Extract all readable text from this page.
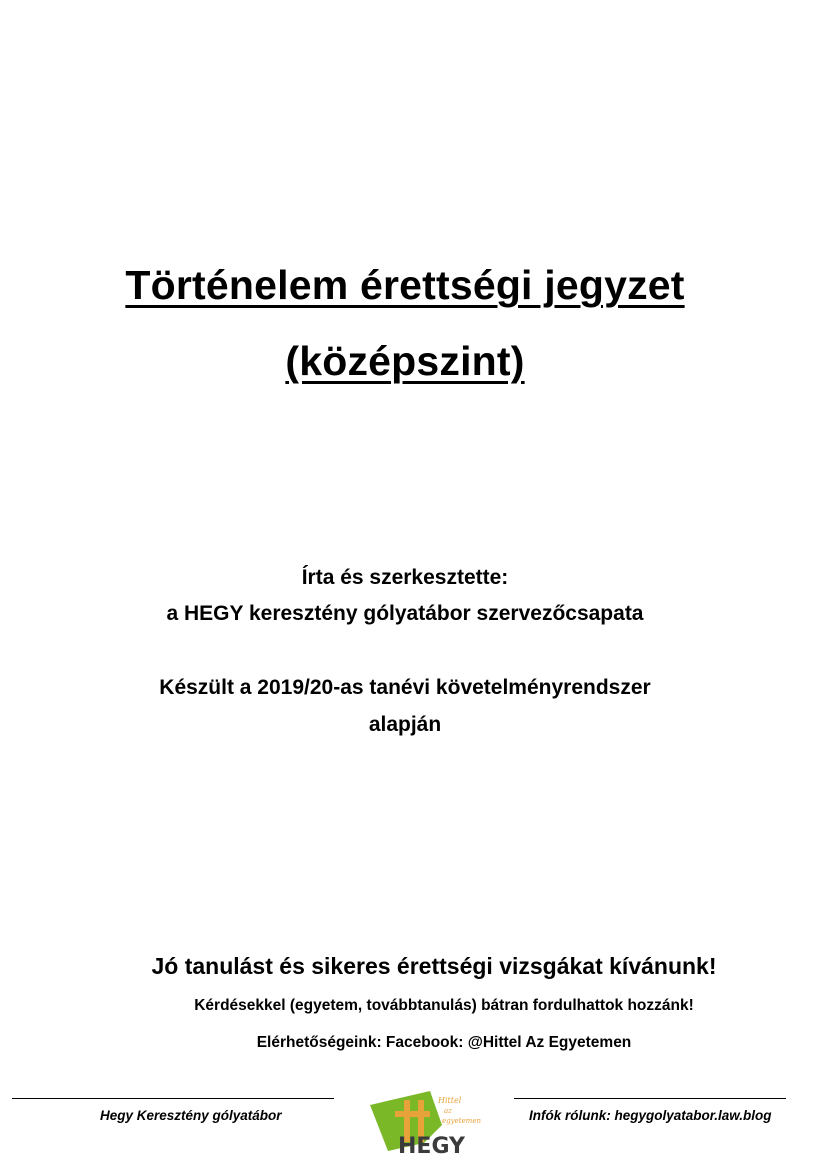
Történelem érettségi jegyzet
(középszint)
Írta és szerkesztette:
a HEGY keresztény gólyatábor szervezőcsapata
Készült a 2019/20-as tanévi követelményrendszer
alapján
Jó tanulást és sikeres érettségi vizsgákat kívánunk!
Kérdésekkel (egyetem, továbbtanulás) bátran fordulhattok hozzánk!
Elérhetőségeink: Facebook: @Hittel Az Egyetemen
Hegy Keresztény gólyatábor	Infók rólunk: hegygolyatabor.law.blog
Hittel
az
egyetemen
HEGY
